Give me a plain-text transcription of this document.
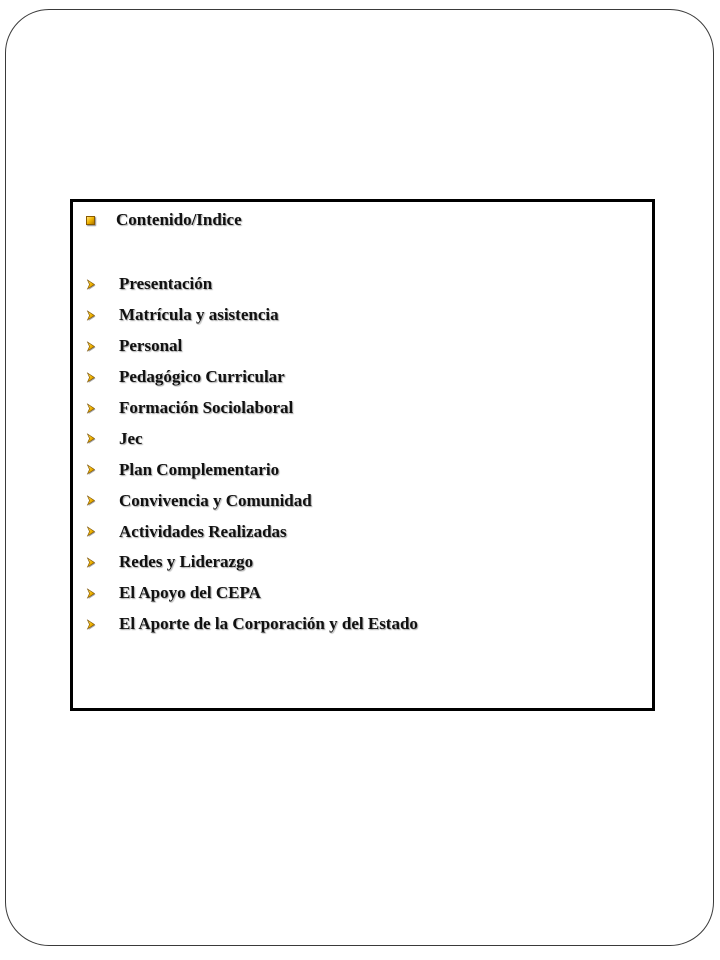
Contenido/Indice
Presentación
Matrícula y asistencia
Personal
Pedagógico Curricular
Formación Sociolaboral
Jec
Plan Complementario
Convivencia y Comunidad
Actividades Realizadas
Redes y Liderazgo
El Apoyo del CEPA
El Aporte de la Corporación y del Estado
